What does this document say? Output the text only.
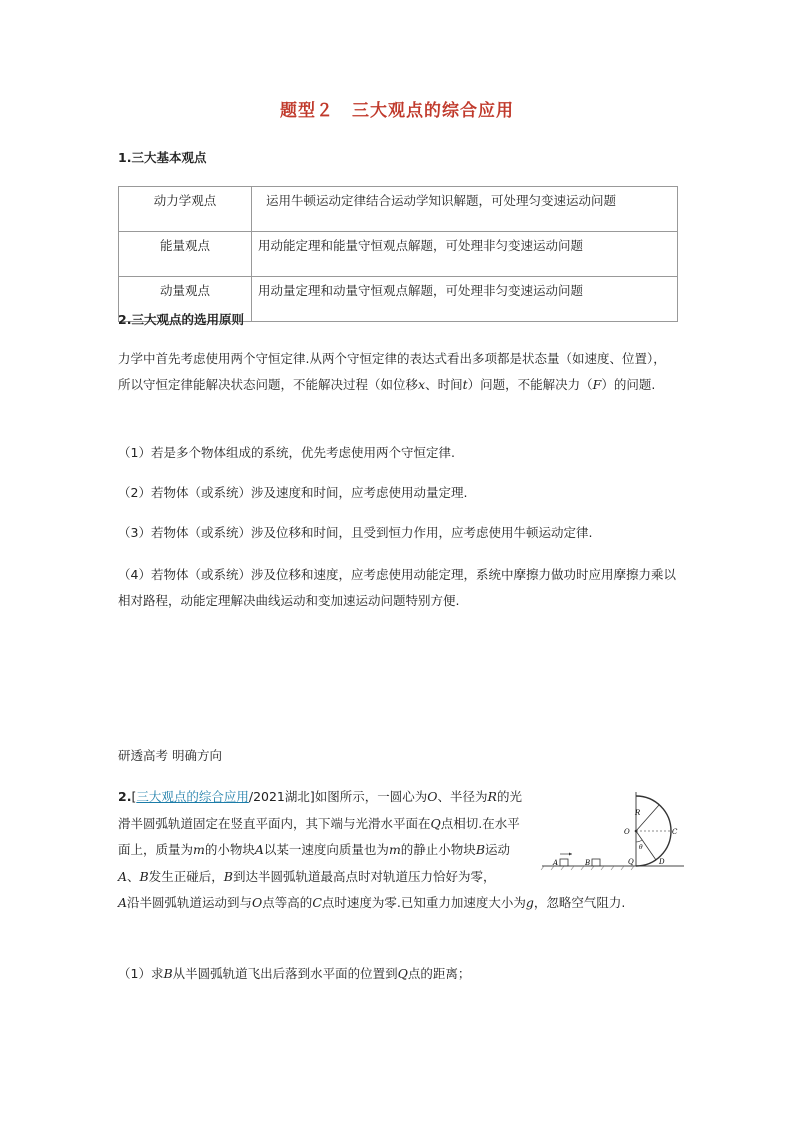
题型２　三大观点的综合应用
1.三大基本观点
动力学观点	运用牛顿运动定律结合运动学知识解题，可处理匀变速运动问题
能量观点	用动能定理和能量守恒观点解题，可处理非匀变速运动问题
动量观点	用动量定理和动量守恒观点解题，可处理非匀变速运动问题
2.三大观点的选用原则
力学中首先考虑使用两个守恒定律.从两个守恒定律的表达式看出多项都是状态量（如速度、位置），所以守恒定律能解决状态问题，不能解决过程（如位移x、时间t）问题，不能解决力（F）的问题.
（1）若是多个物体组成的系统，优先考虑使用两个守恒定律.
（2）若物体（或系统）涉及速度和时间，应考虑使用动量定理.
（3）若物体（或系统）涉及位移和时间，且受到恒力作用，应考虑使用牛顿运动定律.
（4）若物体（或系统）涉及位移和速度，应考虑使用动能定理，系统中摩擦力做功时应用摩擦力乘以相对路程，动能定理解决曲线运动和变加速运动问题特别方便.
研透高考 明确方向
2.[三大观点的综合应用/2021湖北]如图所示，一圆心为O、半径为R的光滑半圆弧轨道固定在竖直平面内，其下端与光滑水平面在Q点相切.在水平面上，质量为m的小物块A以某一速度向质量也为m的静止小物块B运动A、B发生正碰后，B到达半圆弧轨道最高点时对轨道压力恰好为零，
A沿半圆弧轨道运动到与O点等高的C点时速度为零.已知重力加速度大小为g，忽略空气阻力.
（1）求B从半圆弧轨道飞出后落到水平面的位置到Q点的距离；
R
O	C
Q	D
θ
A	B
